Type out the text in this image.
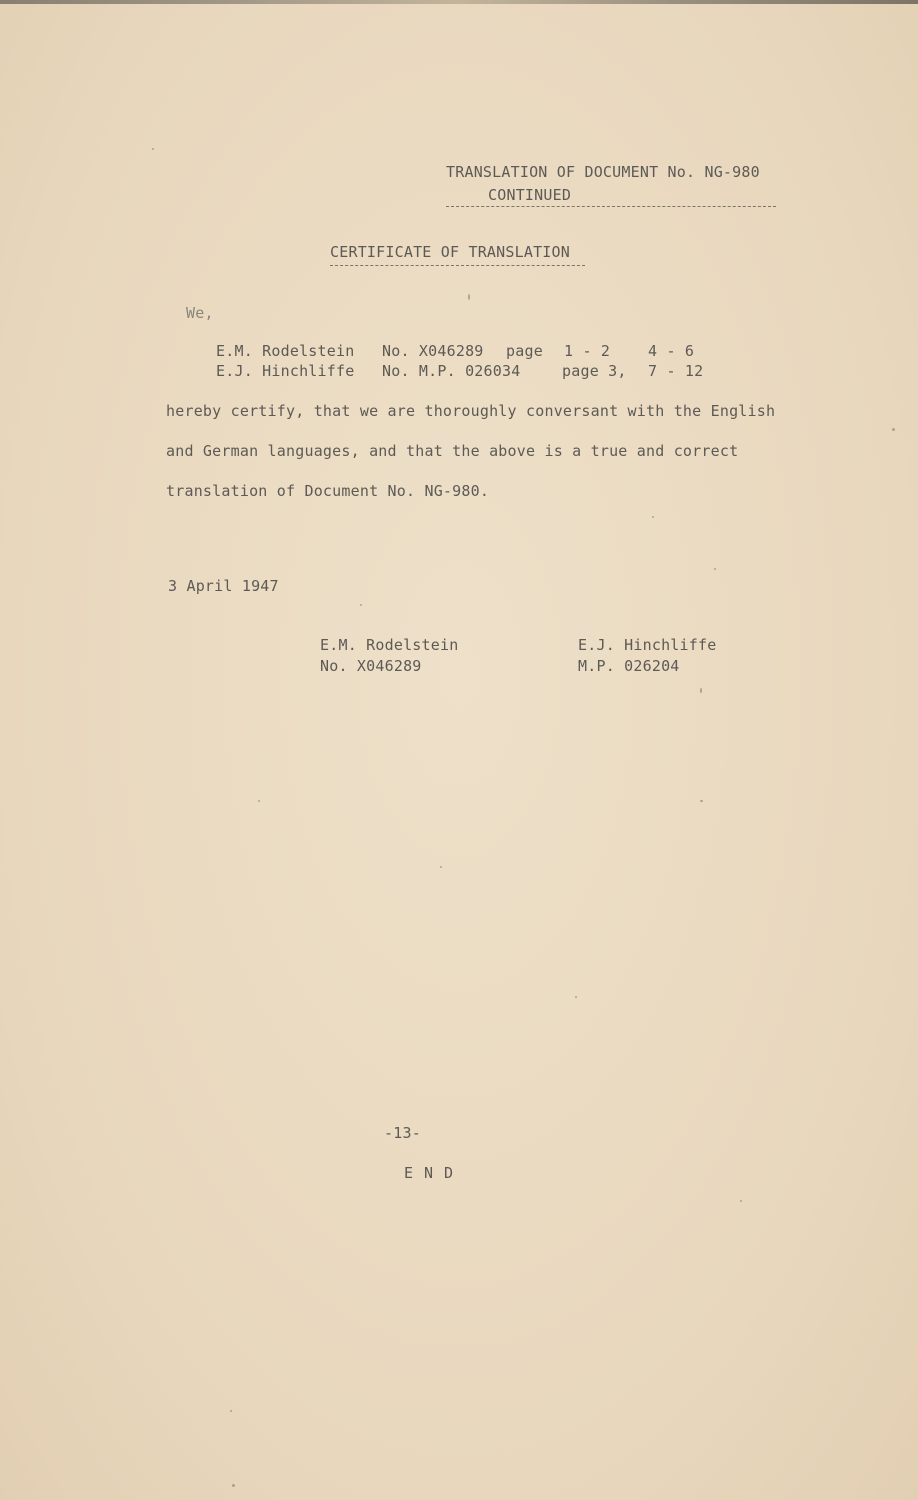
TRANSLATION OF DOCUMENT No. NG-980
CONTINUED
CERTIFICATE OF TRANSLATION
We,
E.M. Rodelstein No. X046289 page 1 - 2	4 - 6
E.J. Hinchliffe No. M.P. 026034	page 3, 7 - 12
hereby certify, that we are thoroughly conversant with the English
and German languages, and that the above is a true and correct
translation of Document No. NG-980.
3 April 1947
E.M. Rodelstein
No. X046289
E.J. Hinchliffe
M.P. 026204
-13-
END
